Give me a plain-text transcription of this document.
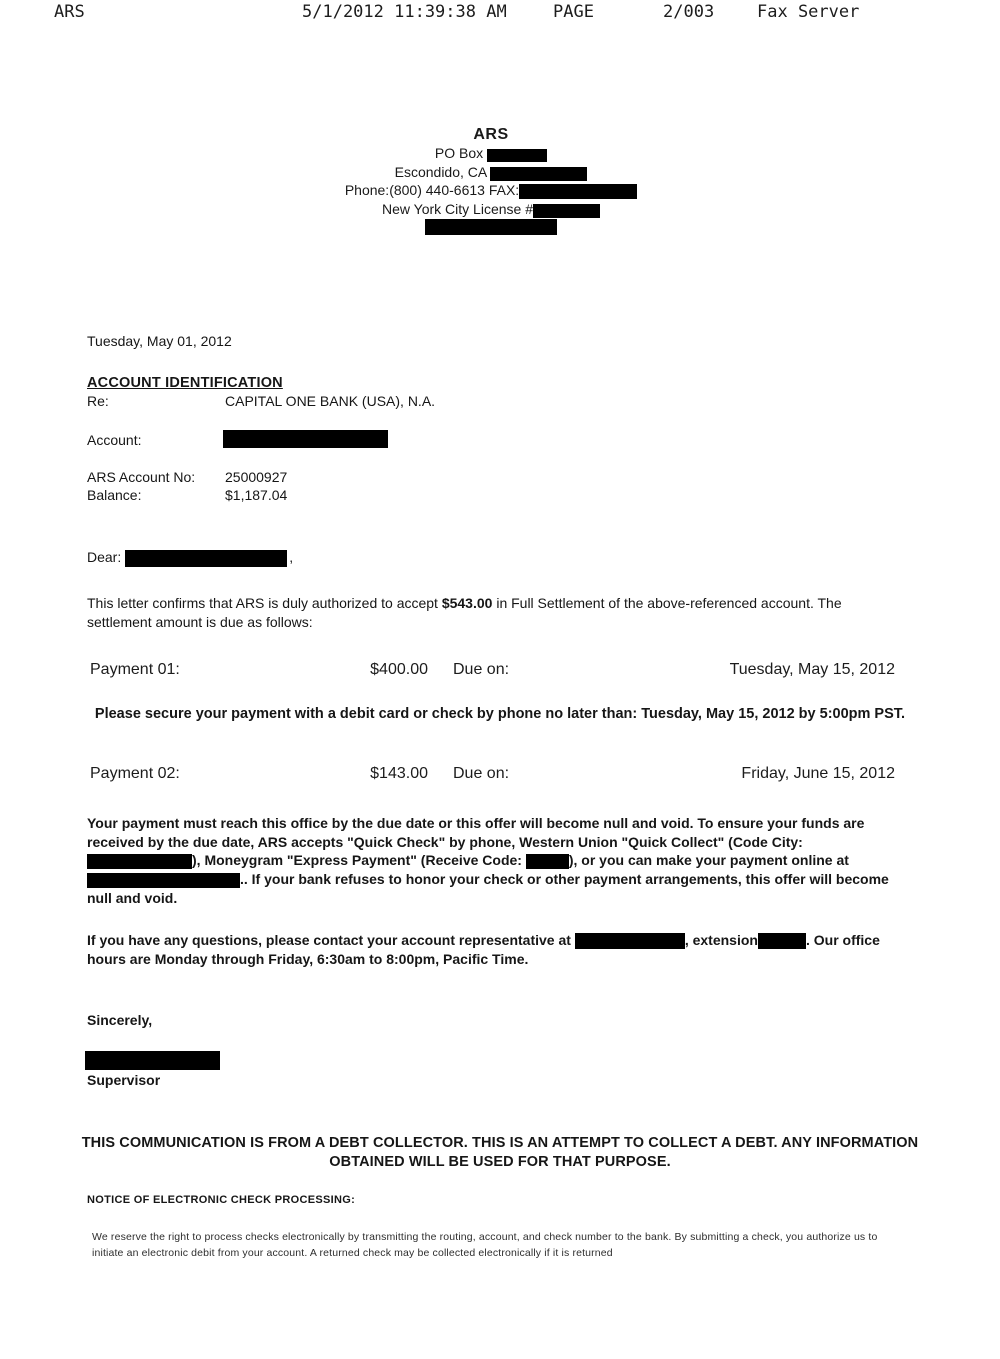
ARS	5/1/2012 11:39:38 AM	PAGE	2/003	Fax Server
ARS
PO Box
Escondido, CA
Phone:(800) 440-6613 FAX:
New York City License #
Tuesday, May 01, 2012
ACCOUNT IDENTIFICATION
Re:	CAPITAL ONE BANK (USA), N.A.
Account:
ARS Account No: 25000927
Balance:	$1,187.04
Dear:	,

This letter confirms that ARS is duly authorized to accept $543.00 in Full Settlement of the above-referenced account. The settlement amount is due as follows:

Payment 01:	$400.00 Due on:	Tuesday, May 15, 2012
Please secure your payment with a debit card or check by phone no later than: Tuesday, May 15, 2012 by 5:00pm PST.
Payment 02:	$143.00 Due on:	Friday, June 15, 2012

Your payment must reach this office by the due date or this offer will become null and void. To ensure your funds are received by the due date, ARS accepts "Quick Check" by phone, Western Union "Quick Collect" (Code City: ), Moneygram "Express Payment" (Receive Code:	), or you can make your payment online at .. If your bank refuses to honor your check or other payment arrangements, this offer will become null and void.

If you have any questions, please contact your account representative at	, extension	. Our office hours are Monday through Friday, 6:30am to 8:00pm, Pacific Time.

Sincerely,
Supervisor
THIS COMMUNICATION IS FROM A DEBT COLLECTOR. THIS IS AN ATTEMPT TO COLLECT A DEBT. ANY INFORMATION OBTAINED WILL BE USED FOR THAT PURPOSE.
NOTICE OF ELECTRONIC CHECK PROCESSING:

We reserve the right to process checks electronically by transmitting the routing, account, and check number to the bank. By submitting a check, you authorize us to initiate an electronic debit from your account. A returned check may be collected electronically if it is returned
